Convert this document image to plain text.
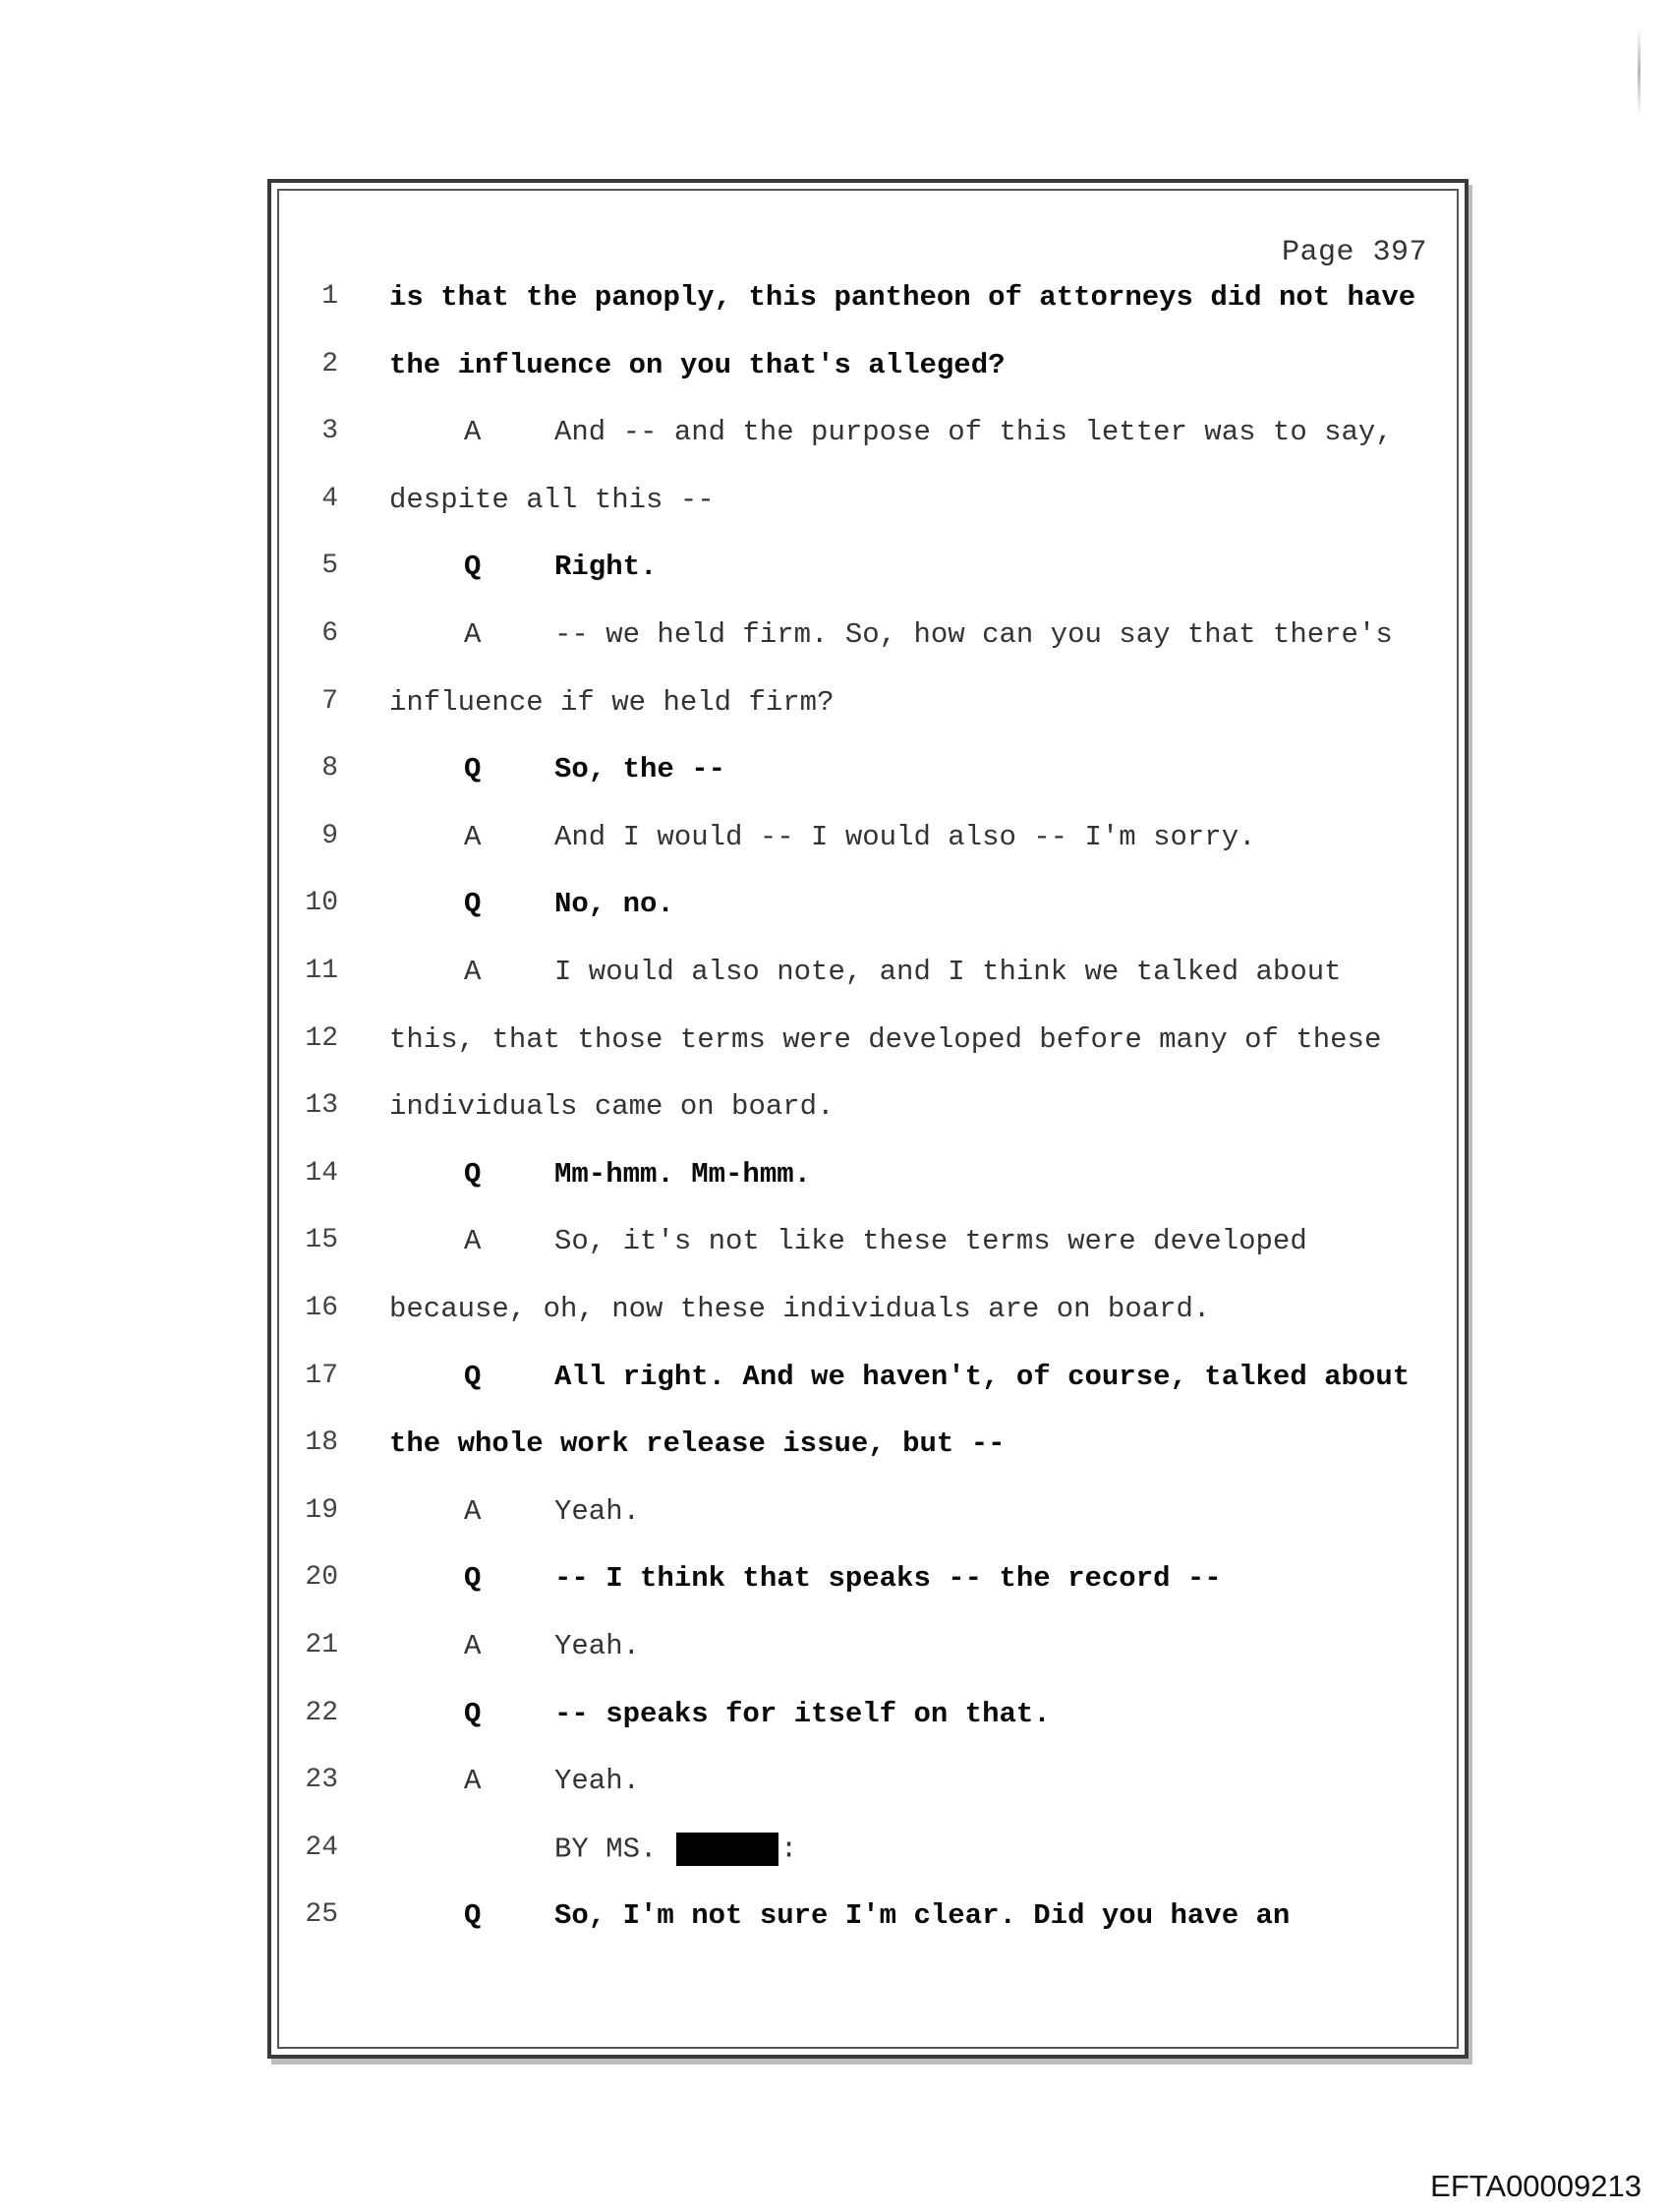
Page 397
1 is that the panoply, this pantheon of attorneys did not have
2 the influence on you that's alleged?
3	A	And -- and the purpose of this letter was to say,
4 despite all this --
5	Q	Right.
6	A	-- we held firm. So, how can you say that there's
7 influence if we held firm?
8	Q	So, the --
9	A	And I would -- I would also -- I'm sorry.
10	Q	No, no.
11	A	I would also note, and I think we talked about
12 this, that those terms were developed before many of these
13 individuals came on board.
14	Q	Mm-hmm. Mm-hmm.
15	A	So, it's not like these terms were developed
16 because, oh, now these individuals are on board.
17	Q	All right. And we haven't, of course, talked about
18 the whole work release issue, but --
19	A	Yeah.
20	Q	-- I think that speaks -- the record --
21	A	Yeah.
22	Q	-- speaks for itself on that.
23	A	Yeah.
24	BY MS.	:
25	Q	So, I'm not sure I'm clear. Did you have an
EFTA00009213
